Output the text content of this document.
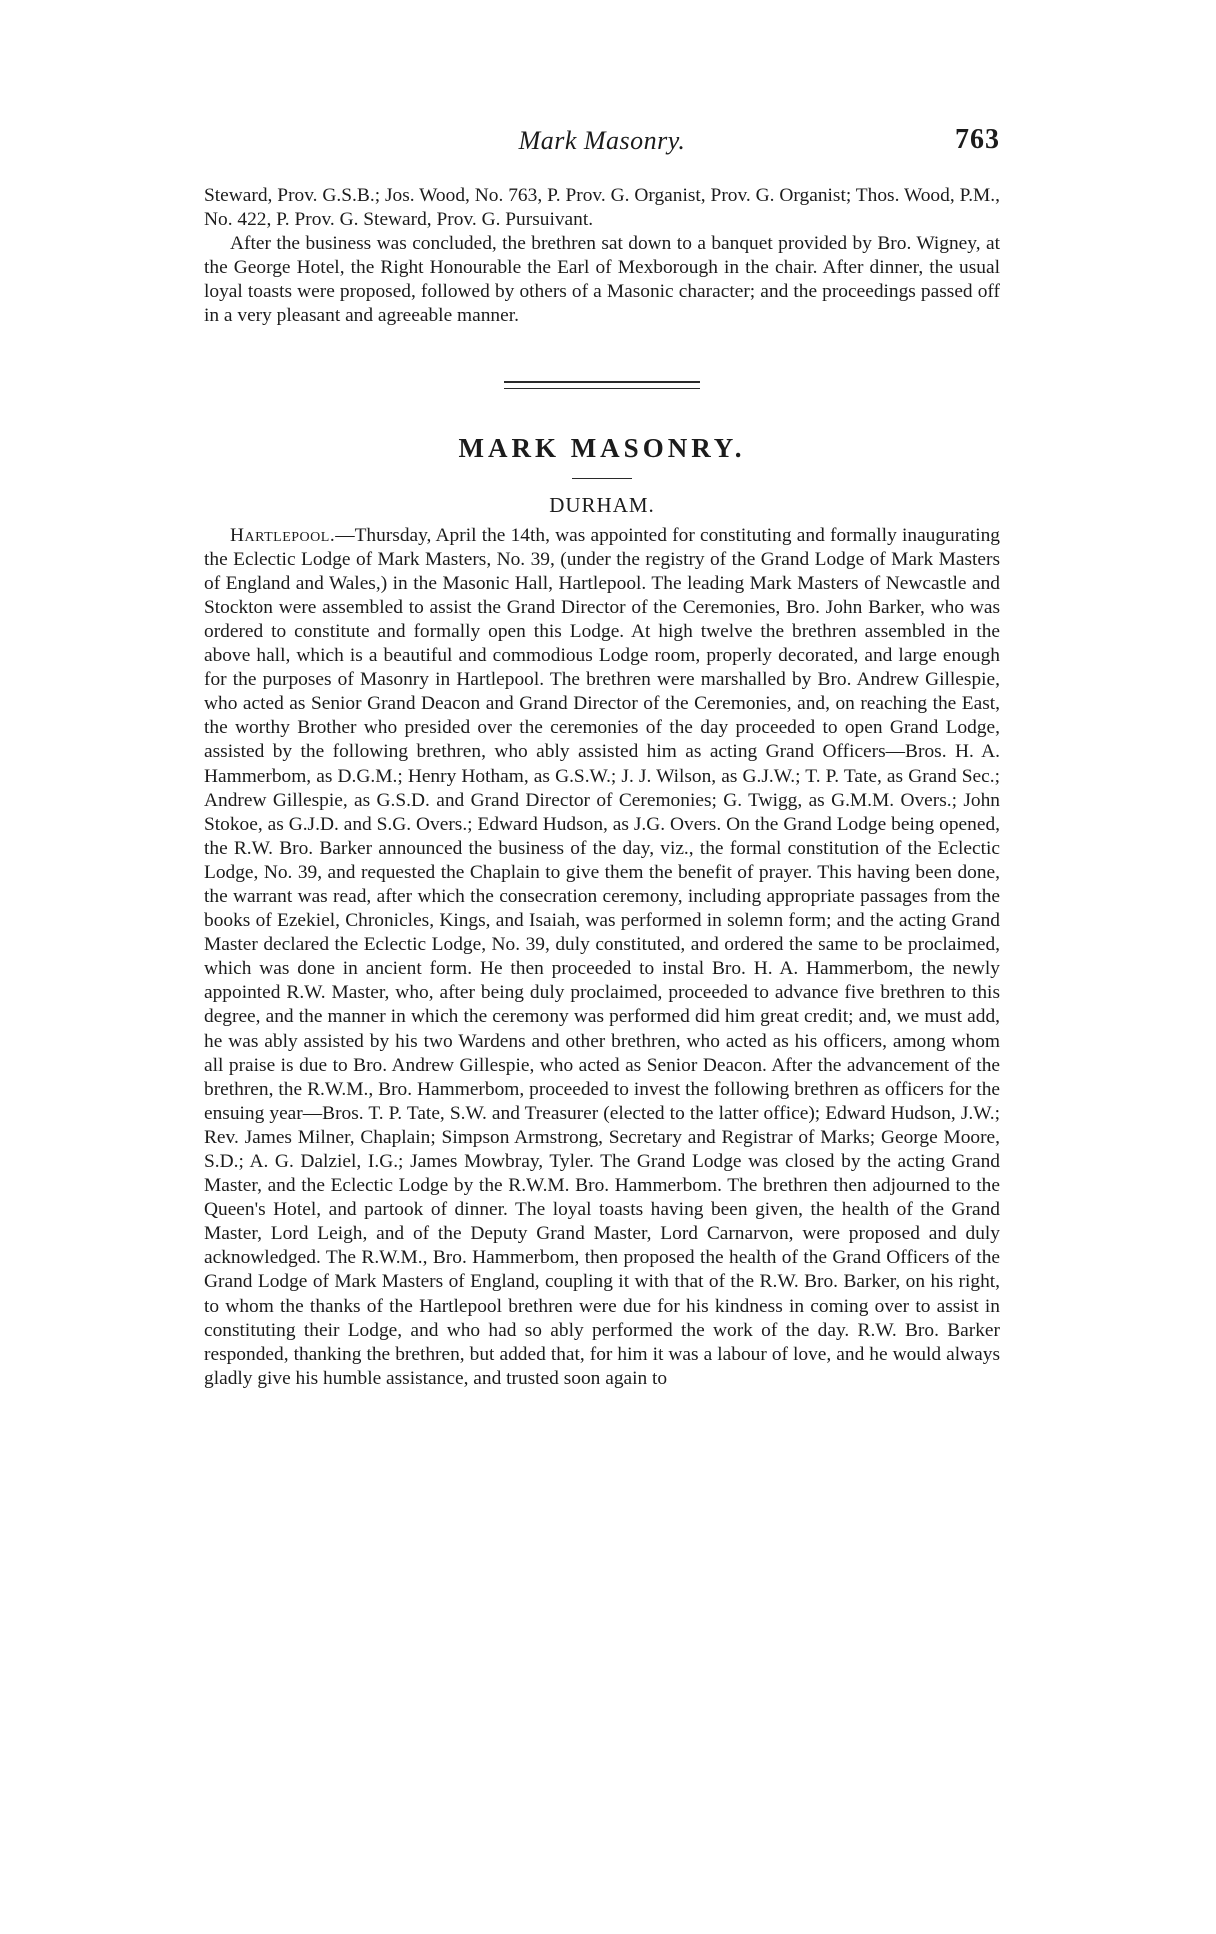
Mark Masonry.	763

Steward, Prov. G.S.B.; Jos. Wood, No. 763, P. Prov. G. Organist, Prov. G. Organist; Thos. Wood, P.M., No. 422, P. Prov. G. Steward, Prov. G. Pursuivant.

After the business was concluded, the brethren sat down to a banquet provided by Bro. Wigney, at the George Hotel, the Right Honourable the Earl of Mexborough in the chair. After dinner, the usual loyal toasts were proposed, followed by others of a Masonic character; and the proceedings passed off in a very pleasant and agreeable manner.

MARK MASONRY.
DURHAM.

Hartlepool.—Thursday, April the 14th, was appointed for constituting and formally inaugurating the Eclectic Lodge of Mark Masters, No. 39, (under the registry of the Grand Lodge of Mark Masters of England and Wales,) in the Masonic Hall, Hartlepool. The leading Mark Masters of Newcastle and Stockton were assembled to assist the Grand Director of the Ceremonies, Bro. John Barker, who was ordered to constitute and formally open this Lodge. At high twelve the brethren assembled in the above hall, which is a beautiful and commodious Lodge room, properly decorated, and large enough for the purposes of Masonry in Hartlepool. The brethren were marshalled by Bro. Andrew Gillespie, who acted as Senior Grand Deacon and Grand Director of the Ceremonies, and, on reaching the East, the worthy Brother who presided over the ceremonies of the day proceeded to open Grand Lodge, assisted by the following brethren, who ably assisted him as acting Grand Officers—Bros. H. A. Hammerbom, as D.G.M.; Henry Hotham, as G.S.W.; J. J. Wilson, as G.J.W.; T. P. Tate, as Grand Sec.; Andrew Gillespie, as G.S.D. and Grand Director of Ceremonies; G. Twigg, as G.M.M. Overs.; John Stokoe, as G.J.D. and S.G. Overs.; Edward Hudson, as J.G. Overs. On the Grand Lodge being opened, the R.W. Bro. Barker announced the business of the day, viz., the formal constitution of the Eclectic Lodge, No. 39, and requested the Chaplain to give them the benefit of prayer. This having been done, the warrant was read, after which the consecration ceremony, including appropriate passages from the books of Ezekiel, Chronicles, Kings, and Isaiah, was performed in solemn form; and the acting Grand Master declared the Eclectic Lodge, No. 39, duly constituted, and ordered the same to be proclaimed, which was done in ancient form. He then proceeded to instal Bro. H. A. Hammerbom, the newly appointed R.W. Master, who, after being duly proclaimed, proceeded to advance five brethren to this degree, and the manner in which the ceremony was performed did him great credit; and, we must add, he was ably assisted by his two Wardens and other brethren, who acted as his officers, among whom all praise is due to Bro. Andrew Gillespie, who acted as Senior Deacon. After the advancement of the brethren, the R.W.M., Bro. Hammerbom, proceeded to invest the following brethren as officers for the ensuing year—Bros. T. P. Tate, S.W. and Treasurer (elected to the latter office); Edward Hudson, J.W.; Rev. James Milner, Chaplain; Simpson Armstrong, Secretary and Registrar of Marks; George Moore, S.D.; A. G. Dalziel, I.G.; James Mowbray, Tyler. The Grand Lodge was closed by the acting Grand Master, and the Eclectic Lodge by the R.W.M. Bro. Hammerbom. The brethren then adjourned to the Queen's Hotel, and partook of dinner. The loyal toasts having been given, the health of the Grand Master, Lord Leigh, and of the Deputy Grand Master, Lord Carnarvon, were proposed and duly acknowledged. The R.W.M., Bro. Hammerbom, then proposed the health of the Grand Officers of the Grand Lodge of Mark Masters of England, coupling it with that of the R.W. Bro. Barker, on his right, to whom the thanks of the Hartlepool brethren were due for his kindness in coming over to assist in constituting their Lodge, and who had so ably performed the work of the day. R.W. Bro. Barker responded, thanking the brethren, but added that, for him it was a labour of love, and he would always gladly give his humble assistance, and trusted soon again to
